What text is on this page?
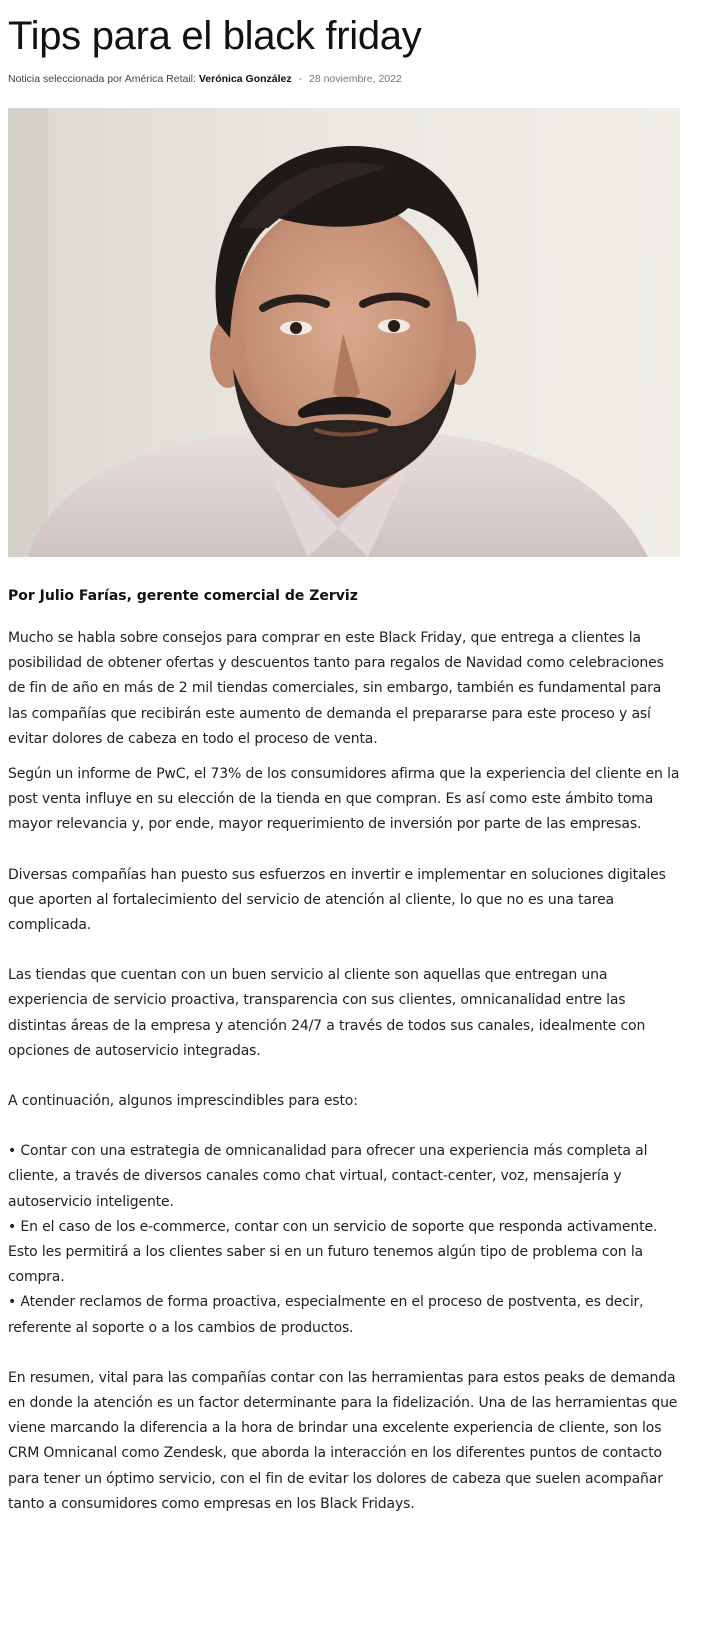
Tips para el black friday
Noticia seleccionada por América Retail: Verónica González - 28 noviembre, 2022
Por Julio Farías, gerente comercial de Zerviz

Mucho se habla sobre consejos para comprar en este Black Friday, que entrega a clientes la posibilidad de obtener ofertas y descuentos tanto para regalos de Navidad como celebraciones de fin de año en más de 2 mil tiendas comerciales, sin embargo, también es fundamental para las compañías que recibirán este aumento de demanda el prepararse para este proceso y así evitar dolores de cabeza en todo el proceso de venta.

Según un informe de PwC, el 73% de los consumidores afirma que la experiencia del cliente en la post venta influye en su elección de la tienda en que compran. Es así como este ámbito toma mayor relevancia y, por ende, mayor requerimiento de inversión por parte de las empresas.

Diversas compañías han puesto sus esfuerzos en invertir e implementar en soluciones digitales que aporten al fortalecimiento del servicio de atención al cliente, lo que no es una tarea complicada.

Las tiendas que cuentan con un buen servicio al cliente son aquellas que entregan una experiencia de servicio proactiva, transparencia con sus clientes, omnicanalidad entre las distintas áreas de la empresa y atención 24/7 a través de todos sus canales, idealmente con opciones de autoservicio integradas.

A continuación, algunos imprescindibles para esto:

• Contar con una estrategia de omnicanalidad para ofrecer una experiencia más completa al cliente, a través de diversos canales como chat virtual, contact-center, voz, mensajería y autoservicio inteligente.

• En el caso de los e-commerce, contar con un servicio de soporte que responda activamente. Esto les permitirá a los clientes saber si en un futuro tenemos algún tipo de problema con la compra.

• Atender reclamos de forma proactiva, especialmente en el proceso de postventa, es decir, referente al soporte o a los cambios de productos.

En resumen, vital para las compañías contar con las herramientas para estos peaks de demanda en donde la atención es un factor determinante para la fidelización. Una de las herramientas que viene marcando la diferencia a la hora de brindar una excelente experiencia de cliente, son los CRM Omnicanal como Zendesk, que aborda la interacción en los diferentes puntos de contacto para tener un óptimo servicio, con el fin de evitar los dolores de cabeza que suelen acompañar tanto a consumidores como empresas en los Black Fridays.
